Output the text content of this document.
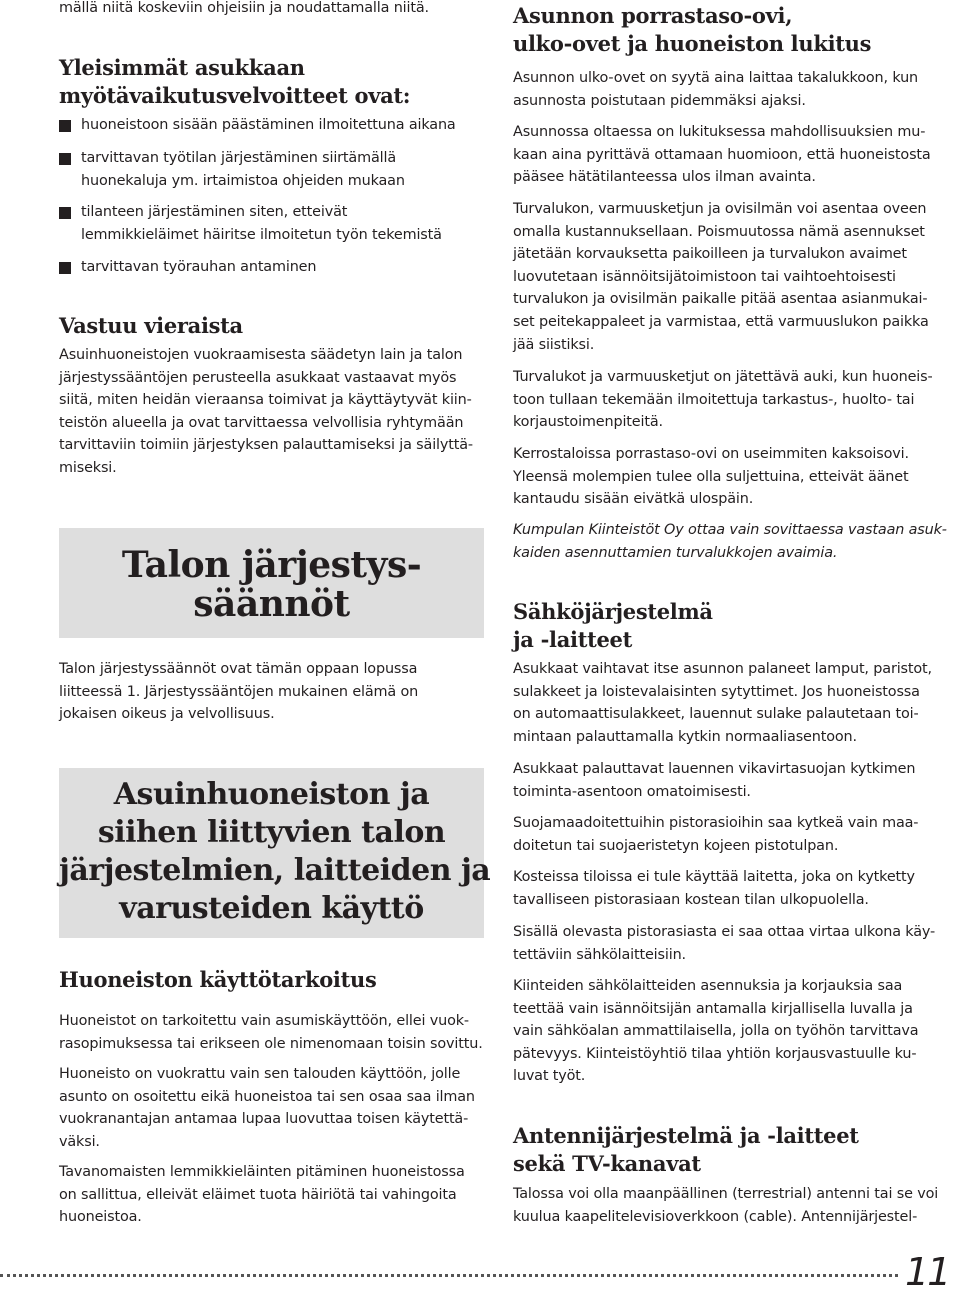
mällä niitä koskeviin ohjeisiin ja noudattamalla niitä.
Yleisimmät asukkaan
myötävaikutusvelvoitteet ovat:
huoneistoon sisään päästäminen ilmoitettuna aikana
tarvittavan työtilan järjestäminen siirtämällä
huonekaluja ym. irtaimistoa ohjeiden mukaan
tilanteen järjestäminen siten, etteivät
lemmikkieläimet häiritse ilmoitetun työn tekemistä
tarvittavan työrauhan antaminen
Vastuu vieraista
Asuinhuoneistojen vuokraamisesta säädetyn lain ja talon
järjestyssääntöjen perusteella asukkaat vastaavat myös
siitä, miten heidän vieraansa toimivat ja käyttäytyvät kiin-
teistön alueella ja ovat tarvittaessa velvollisia ryhtymään
tarvittaviin toimiin järjestyksen palauttamiseksi ja säilyttä-
miseksi.
Talon järjestyssäännöt ovat tämän oppaan lopussa
liitteessä 1. Järjestyssääntöjen mukainen elämä on
jokaisen oikeus ja velvollisuus.
Huoneiston käyttötarkoitus
Huoneistot on tarkoitettu vain asumiskäyttöön, ellei vuok-
rasopimuksessa tai erikseen ole nimenomaan toisin sovittu.
Huoneisto on vuokrattu vain sen talouden käyttöön, jolle
asunto on osoitettu eikä huoneistoa tai sen osaa saa ilman
vuokranantajan antamaa lupaa luovuttaa toisen käytettä-
väksi.
Tavanomaisten lemmikkieläinten pitäminen huoneistossa
on sallittua, elleivät eläimet tuota häiriötä tai vahingoita
huoneistoa.
Talon järjestys-
säännöt
Asuinhuoneiston ja
siihen liittyvien talon
järjestelmien, laitteiden ja
varusteiden käyttö
Asunnon porrastaso-ovi,
ulko-ovet ja huoneiston lukitus
Asunnon ulko-ovet on syytä aina laittaa takalukkoon, kun
asunnosta poistutaan pidemmäksi ajaksi.
Asunnossa oltaessa on lukituksessa mahdollisuuksien mu-
kaan aina pyrittävä ottamaan huomioon, että huoneistosta
pääsee hätätilanteessa ulos ilman avainta.
Turvalukon, varmuusketjun ja ovisilmän voi asentaa oveen
omalla kustannuksellaan. Poismuutossa nämä asennukset
jätetään korvauksetta paikoilleen ja turvalukon avaimet
luovutetaan isännöitsijätoimistoon tai vaihtoehtoisesti
turvalukon ja ovisilmän paikalle pitää asentaa asianmukai-
set peitekappaleet ja varmistaa, että varmuuslukon paikka
jää siistiksi.
Turvalukot ja varmuusketjut on jätettävä auki, kun huoneis-
toon tullaan tekemään ilmoitettuja tarkastus-, huolto- tai
korjaustoimenpiteitä.
Kerrostaloissa porrastaso-ovi on useimmiten kaksoisovi.
Yleensä molempien tulee olla suljettuina, etteivät äänet
kantaudu sisään eivätkä ulospäin.
Kumpulan Kiinteistöt Oy ottaa vain sovittaessa vastaan asuk-
kaiden asennuttamien turvalukkojen avaimia.
Sähköjärjestelmä
ja -laitteet
Asukkaat vaihtavat itse asunnon palaneet lamput, paristot,
sulakkeet ja loistevalaisinten sytyttimet. Jos huoneistossa
on automaattisulakkeet, lauennut sulake palautetaan toi-
mintaan palauttamalla kytkin normaaliasentoon.
Asukkaat palauttavat lauennen vikavirtasuojan kytkimen
toiminta-asentoon omatoimisesti.
Suojamaadoitettuihin pistorasioihin saa kytkeä vain maa-
doitetun tai suojaeristetyn kojeen pistotulpan.
Kosteissa tiloissa ei tule käyttää laitetta, joka on kytketty
tavalliseen pistorasiaan kostean tilan ulkopuolella.
Sisällä olevasta pistorasiasta ei saa ottaa virtaa ulkona käy-
tettäviin sähkölaitteisiin.
Kiinteiden sähkölaitteiden asennuksia ja korjauksia saa
teettää vain isännöitsijän antamalla kirjallisella luvalla ja
vain sähköalan ammattilaisella, jolla on työhön tarvittava
pätevyys. Kiinteistöyhtiö tilaa yhtiön korjausvastuulle ku-
luvat työt.
Antennijärjestelmä ja -laitteet
sekä TV-kanavat
Talossa voi olla maanpäällinen (terrestrial) antenni tai se voi
kuulua kaapelitelevisioverkkoon (cable). Antennijärjestel-
11
